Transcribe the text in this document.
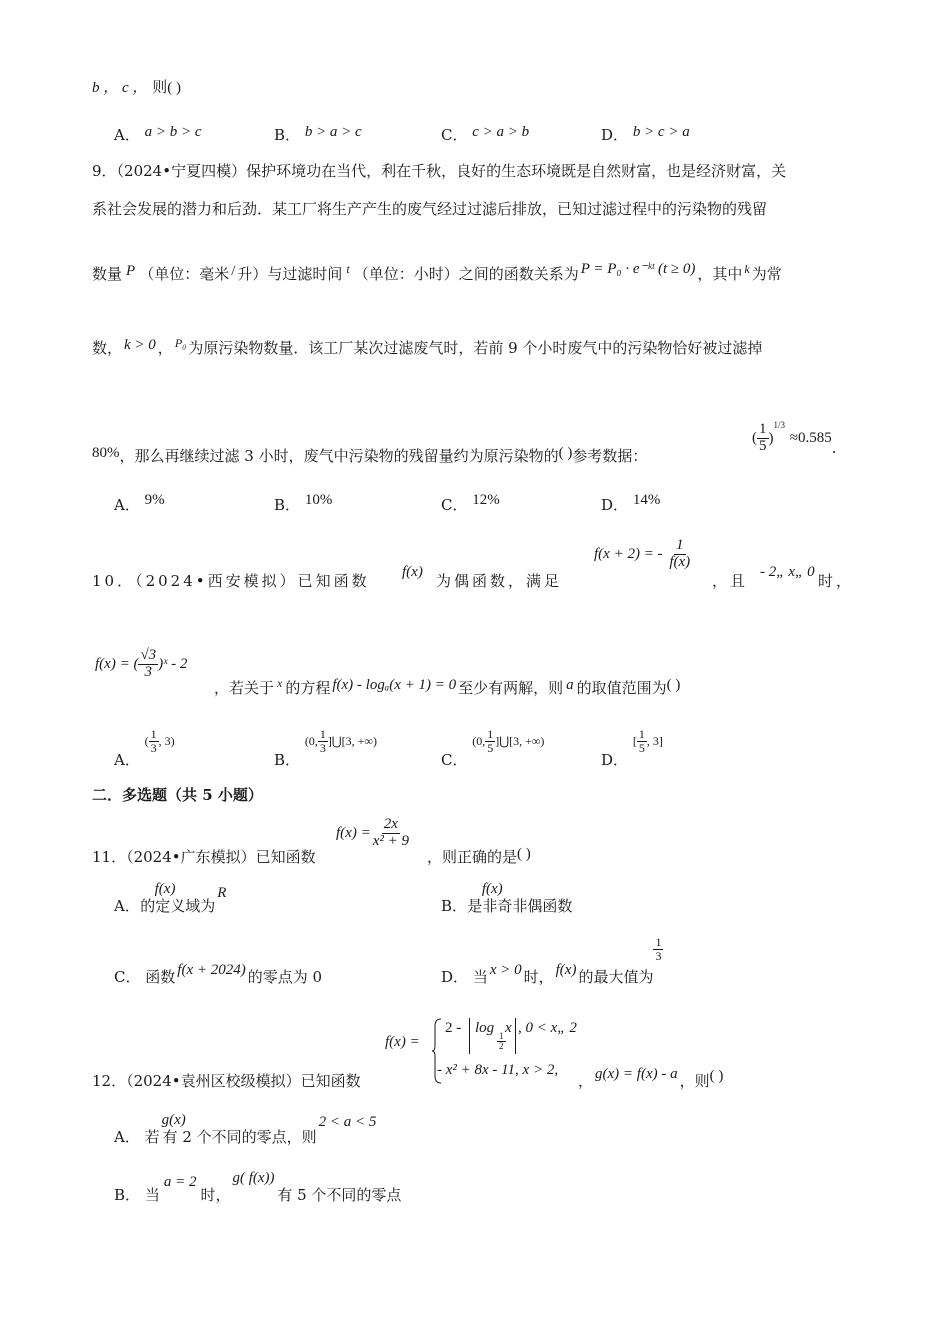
b ， c ， 则( )
A． a > b > c	B． b > a > c	C． c > a > b	D． b > c > a
9．（2024•宁夏四模）保护环境功在当代，利在千秋，良好的生态环境既是自然财富，也是经济财富，关
系社会发展的潜力和后劲．某工厂将生产产生的废气经过过滤后排放，已知过滤过程中的污染物的残留
数量 P （单位：毫米 / 升）与过滤时间 $^t$ （单位：小时）之间的函数关系为 P = P₀ · e⁻ᵏᵗ (t ≥ 0) ，其中 $^k$ 为常
数， k > 0 ， $^{P_0}$ 为原污染物数量．该工厂某次过滤废气时，若前 9 个小时废气中的污染物恰好被过滤掉
80%，那么再继续过滤 3 小时，废气中污染物的残留量约为原污染物的( )参考数据：
( $\frac{1}{5} )^{1/3} \approx 0.585$．
A． 9%	B． 10%	C． 12%	D． 14%
10．（2024•西安模拟）已知函数 f(x) 为偶函数，满足
f(x + 2) = - $\frac{1}{f(x)}$
，且 - 2„ x„ 0 时，
f(x) = ( $\frac{√3}{3}$ )ˣ - 2
，若关于 $^x$ 的方程 f(x) - logₐ(x + 1) = 0 至少有两解，则 a 的取值范围为( )
A． ( $\frac{1}{3}$ , 3)
B． (0, $\frac{1}{3}$ ]⋃[3, +∞)
C． (0, $\frac{1}{5}$ ]⋃[3, +∞)
D． [ $\frac{1}{5}$ , 3]
二．多选题（共 5 小题）
11．（2024•广东模拟）已知函数
$f(x) = \frac{2x}{\text{x² + 9}}$
，则正确的是( )
A． f(x) 的定义域为R
B． f(x) 是非奇非偶函数
C． 函数 f(x + 2024) 的零点为 0	D． 当 x > 0 时， f(x) 的最大值为
$\frac{1}{3}$
f(x) =
2 - log
$\frac{1}{2}$
x , 0 < x„ 2
- x² + 8x - 11, x > 2,
12．（2024•袁州区校级模拟）已知函数	， g(x) = f(x) - a ，则( )
A． 若g(x) 有 2 个不同的零点，则2 < a < 5
B． 当a = 2时，g( f(x)) 有 5 个不同的零点
